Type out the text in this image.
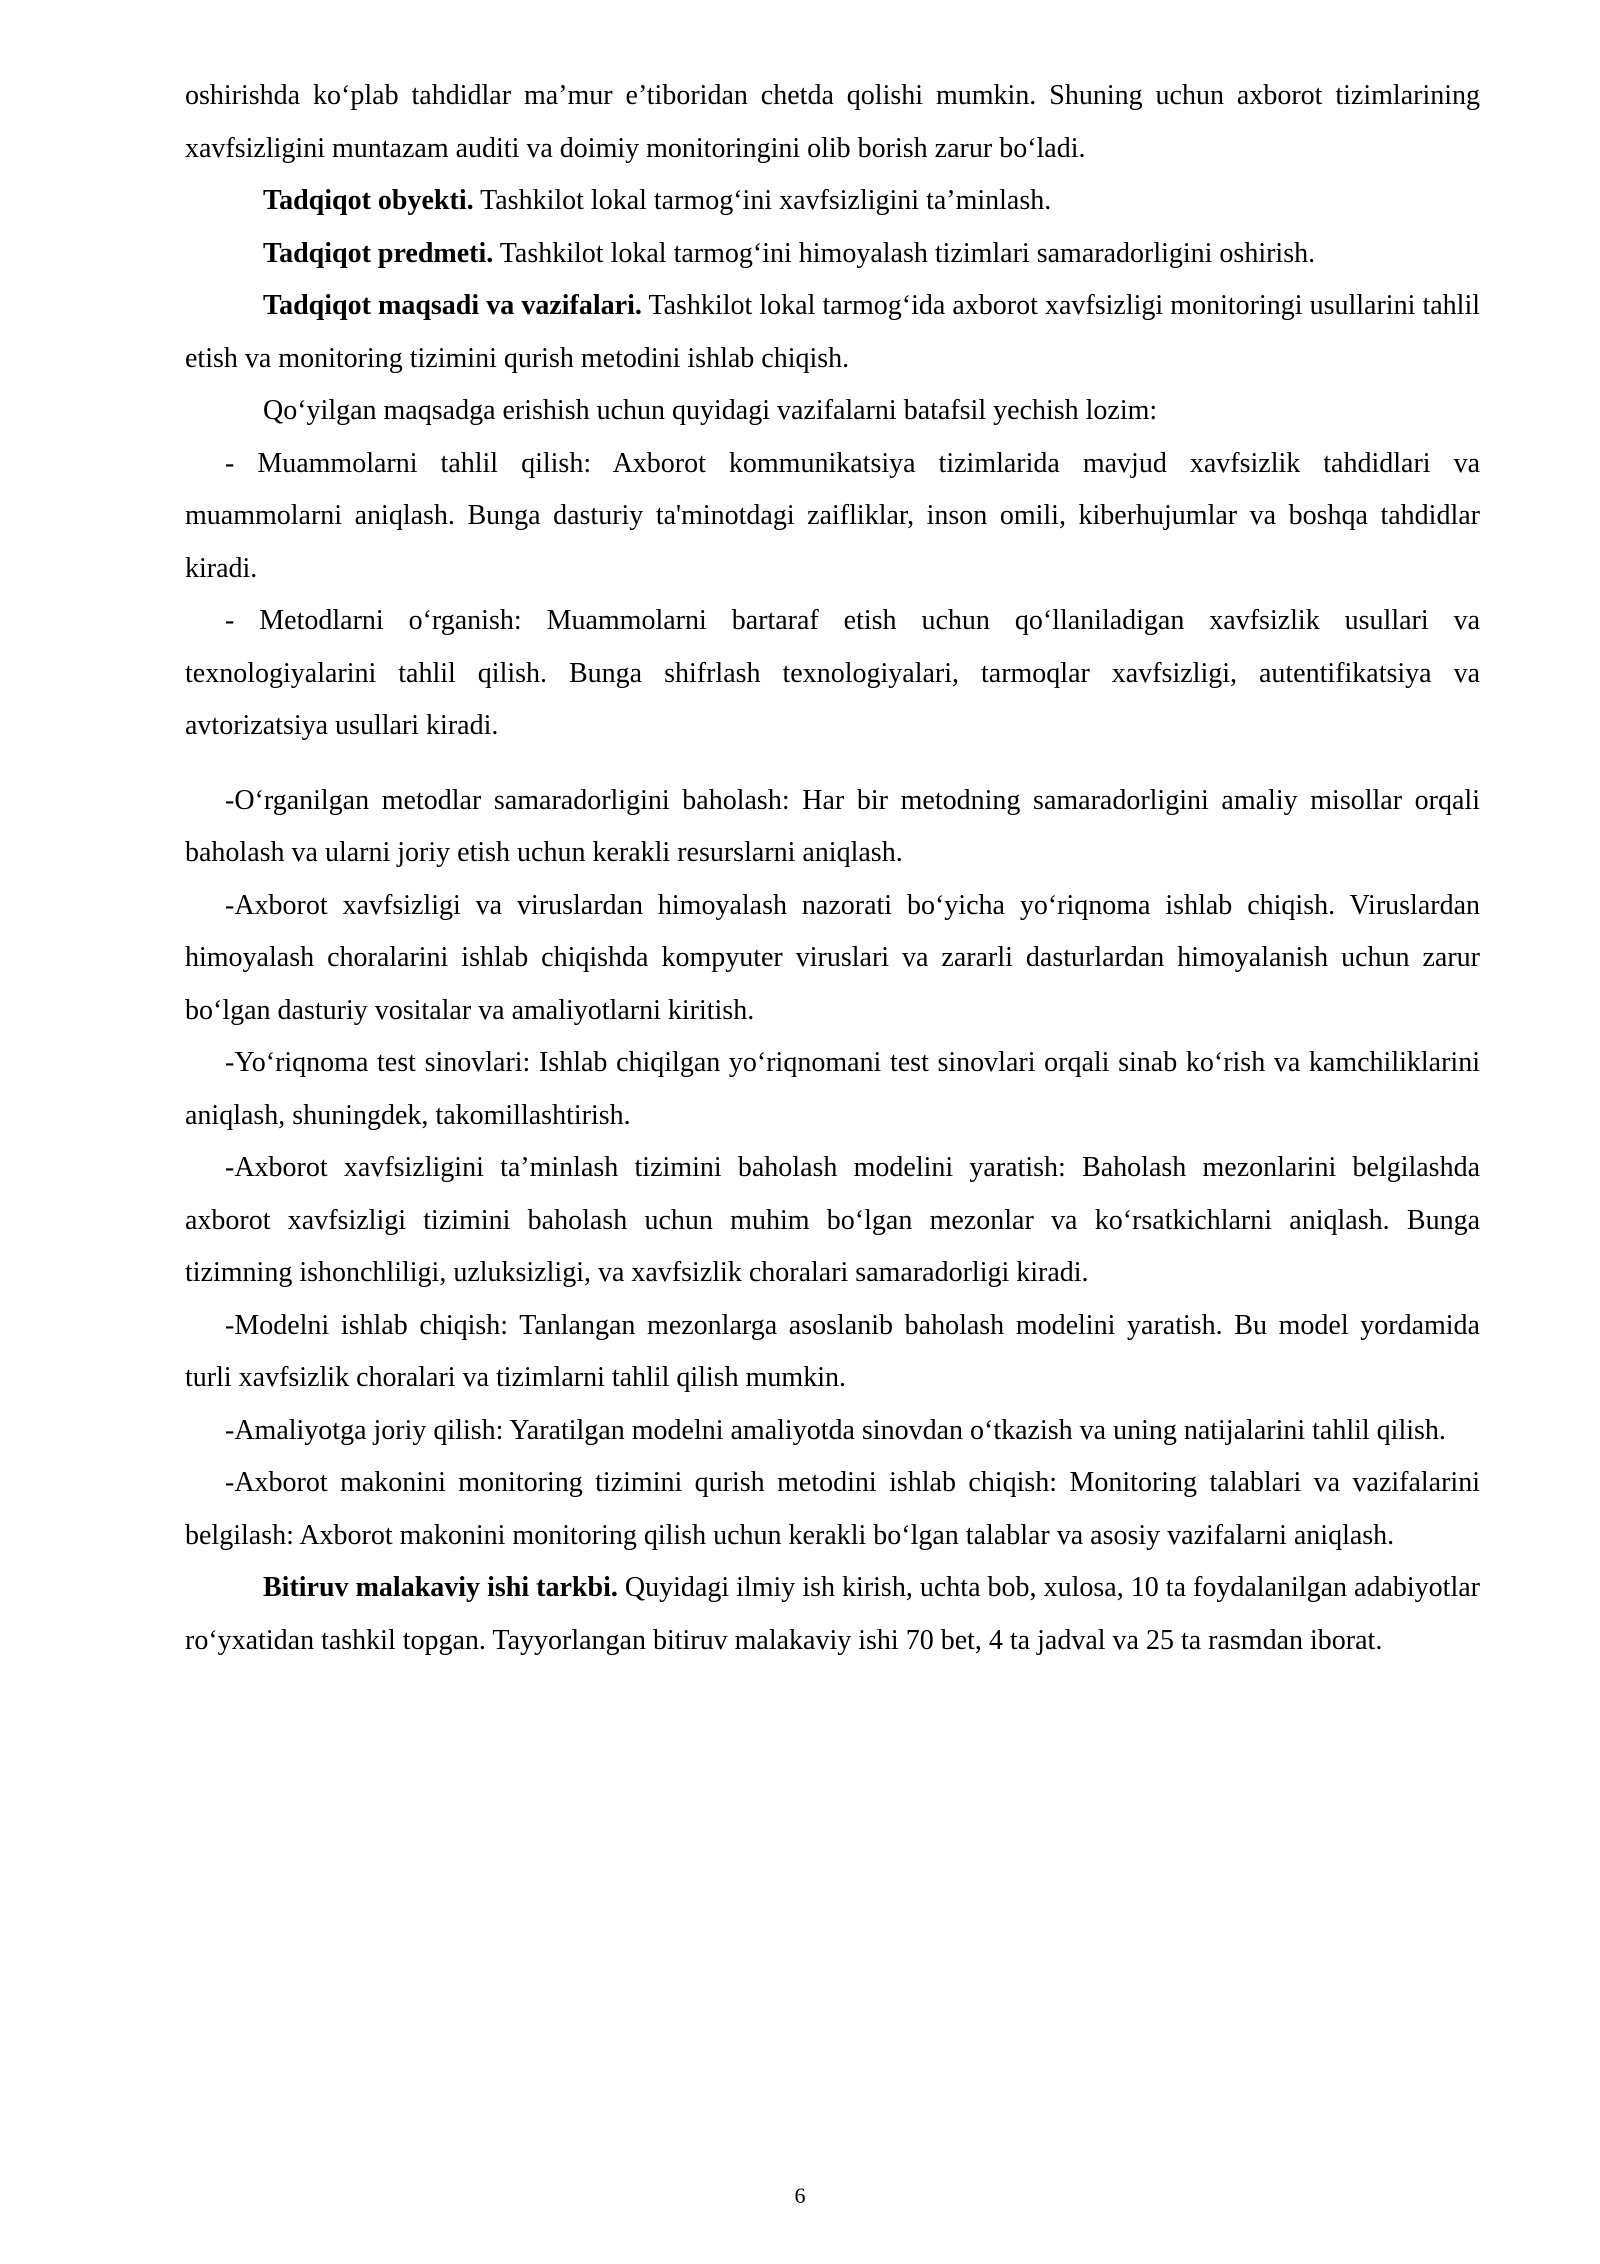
oshirishda ko‘plab tahdidlar ma’mur e’tiboridan chetda qolishi mumkin. Shuning uchun axborot tizimlarining xavfsizligini muntazam auditi va doimiy monitoringini olib borish zarur bo‘ladi.

Tadqiqot obyekti. Tashkilot lokal tarmog‘ini xavfsizligini ta’minlash.

Tadqiqot predmeti. Tashkilot lokal tarmog‘ini himoyalash tizimlari samaradorligini oshirish.

Tadqiqot maqsadi va vazifalari. Tashkilot lokal tarmog‘ida axborot xavfsizligi monitoringi usullarini tahlil etish va monitoring tizimini qurish metodini ishlab chiqish.

Qo‘yilgan maqsadga erishish uchun quyidagi vazifalarni batafsil yechish lozim:

- Muammolarni tahlil qilish: Axborot kommunikatsiya tizimlarida mavjud xavfsizlik tahdidlari va muammolarni aniqlash. Bunga dasturiy ta'minotdagi zaifliklar, inson omili, kiberhujumlar va boshqa tahdidlar kiradi.

- Metodlarni o‘rganish: Muammolarni bartaraf etish uchun qo‘llaniladigan xavfsizlik usullari va texnologiyalarini tahlil qilish. Bunga shifrlash texnologiyalari, tarmoqlar xavfsizligi, autentifikatsiya va avtorizatsiya usullari kiradi.

-O‘rganilgan metodlar samaradorligini baholash: Har bir metodning samaradorligini amaliy misollar orqali baholash va ularni joriy etish uchun kerakli resurslarni aniqlash.

-Axborot xavfsizligi va viruslardan himoyalash nazorati bo‘yicha yo‘riqnoma ishlab chiqish. Viruslardan himoyalash choralarini ishlab chiqishda kompyuter viruslari va zararli dasturlardan himoyalanish uchun zarur bo‘lgan dasturiy vositalar va amaliyotlarni kiritish.

-Yo‘riqnoma test sinovlari: Ishlab chiqilgan yo‘riqnomani test sinovlari orqali sinab ko‘rish va kamchiliklarini aniqlash, shuningdek, takomillashtirish.

-Axborot xavfsizligini ta’minlash tizimini baholash modelini yaratish: Baholash mezonlarini belgilashda axborot xavfsizligi tizimini baholash uchun muhim bo‘lgan mezonlar va ko‘rsatkichlarni aniqlash. Bunga tizimning ishonchliligi, uzluksizligi, va xavfsizlik choralari samaradorligi kiradi.

-Modelni ishlab chiqish: Tanlangan mezonlarga asoslanib baholash modelini yaratish. Bu model yordamida turli xavfsizlik choralari va tizimlarni tahlil qilish mumkin.

-Amaliyotga joriy qilish: Yaratilgan modelni amaliyotda sinovdan o‘tkazish va uning natijalarini tahlil qilish.

-Axborot makonini monitoring tizimini qurish metodini ishlab chiqish: Monitoring talablari va vazifalarini belgilash: Axborot makonini monitoring qilish uchun kerakli bo‘lgan talablar va asosiy vazifalarni aniqlash.

Bitiruv malakaviy ishi tarkbi. Quyidagi ilmiy ish kirish, uchta bob, xulosa, 10 ta foydalanilgan adabiyotlar ro‘yxatidan tashkil topgan. Tayyorlangan bitiruv malakaviy ishi 70 bet, 4 ta jadval va 25 ta rasmdan iborat.

6
